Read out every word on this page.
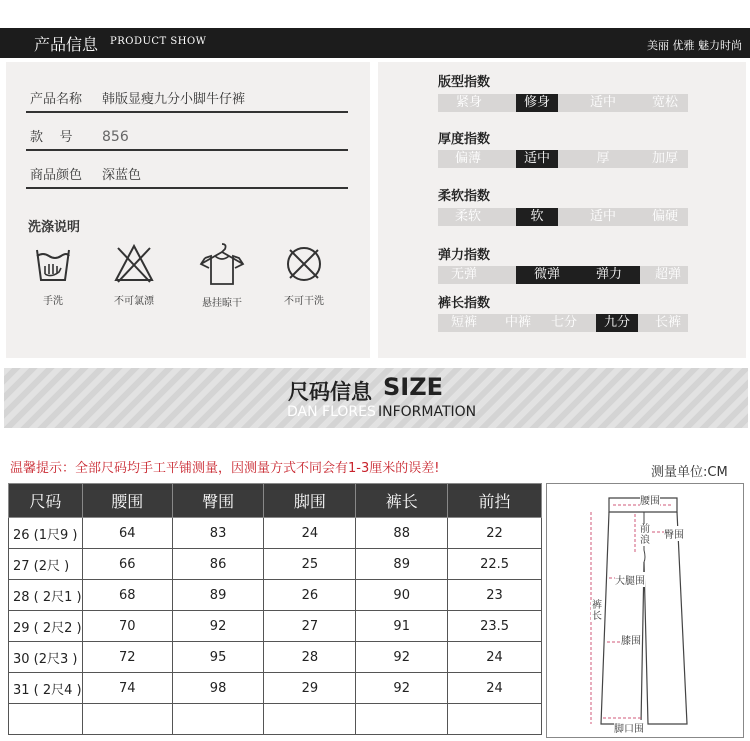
产品信息 PRODUCT SHOW	美丽 优雅 魅力时尚
产品名称 韩版显瘦九分小脚牛仔裤
款    号 856
商品颜色 深蓝色
洗涤说明
手洗	不可氯漂	悬挂晾干	不可干洗
版型指数
紧身	修身	适中	宽松
厚度指数
偏薄	适中	厚	加厚
柔软指数
柔软	软	适中	偏硬
弹力指数
无弹	微弹	弹力	超弹
裤长指数
短裤	中裤	七分	九分	长裤
尺码信息 SIZE
DAN FLORES INFORMATION
温馨提示：全部尺码均手工平铺测量，因测量方式不同会有1-3厘米的误差!	测量单位:CM
尺码	腰围	臀围	脚围	裤长	前挡
26 (1尺9 )	64	83	24	88	22
27 (2尺 )	66	86	25	89	22.5
28 ( 2尺1 )	68	89	26	90	23
29 ( 2尺2 )	70	92	27	91	23.5
30 (2尺3 )	72	95	28	92	24
31 ( 2尺4 )	74	98	29	92	24

腰围
前浪 臀围
大腿围
裤长
膝围
脚口围
